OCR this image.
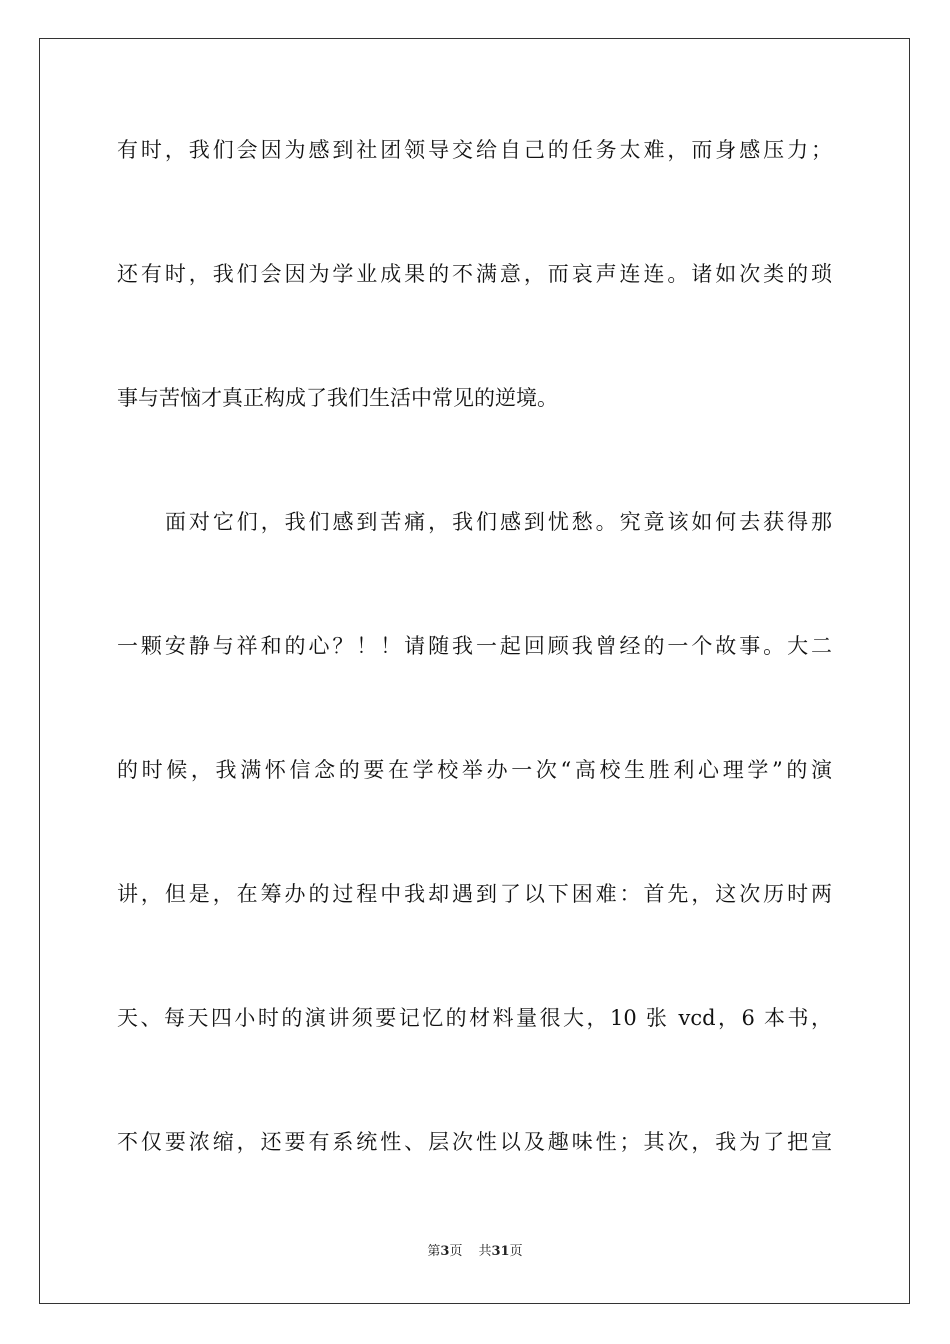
有时，我们会因为感到社团领导交给自己的任务太难，而身感压力；
还有时，我们会因为学业成果的不满意，而哀声连连。诸如次类的琐
事与苦恼才真正构成了我们生活中常见的逆境。
面对它们，我们感到苦痛，我们感到忧愁。究竟该如何去获得那
一颗安静与祥和的心？！！请随我一起回顾我曾经的一个故事。大二
的时候，我满怀信念的要在学校举办一次“高校生胜利心理学”的演
讲，但是，在筹办的过程中我却遇到了以下困难：首先，这次历时两
天、每天四小时的演讲须要记忆的材料量很大，10 张 vcd，6 本书，
不仅要浓缩，还要有系统性、层次性以及趣味性；其次，我为了把宣
第3页 共31页
